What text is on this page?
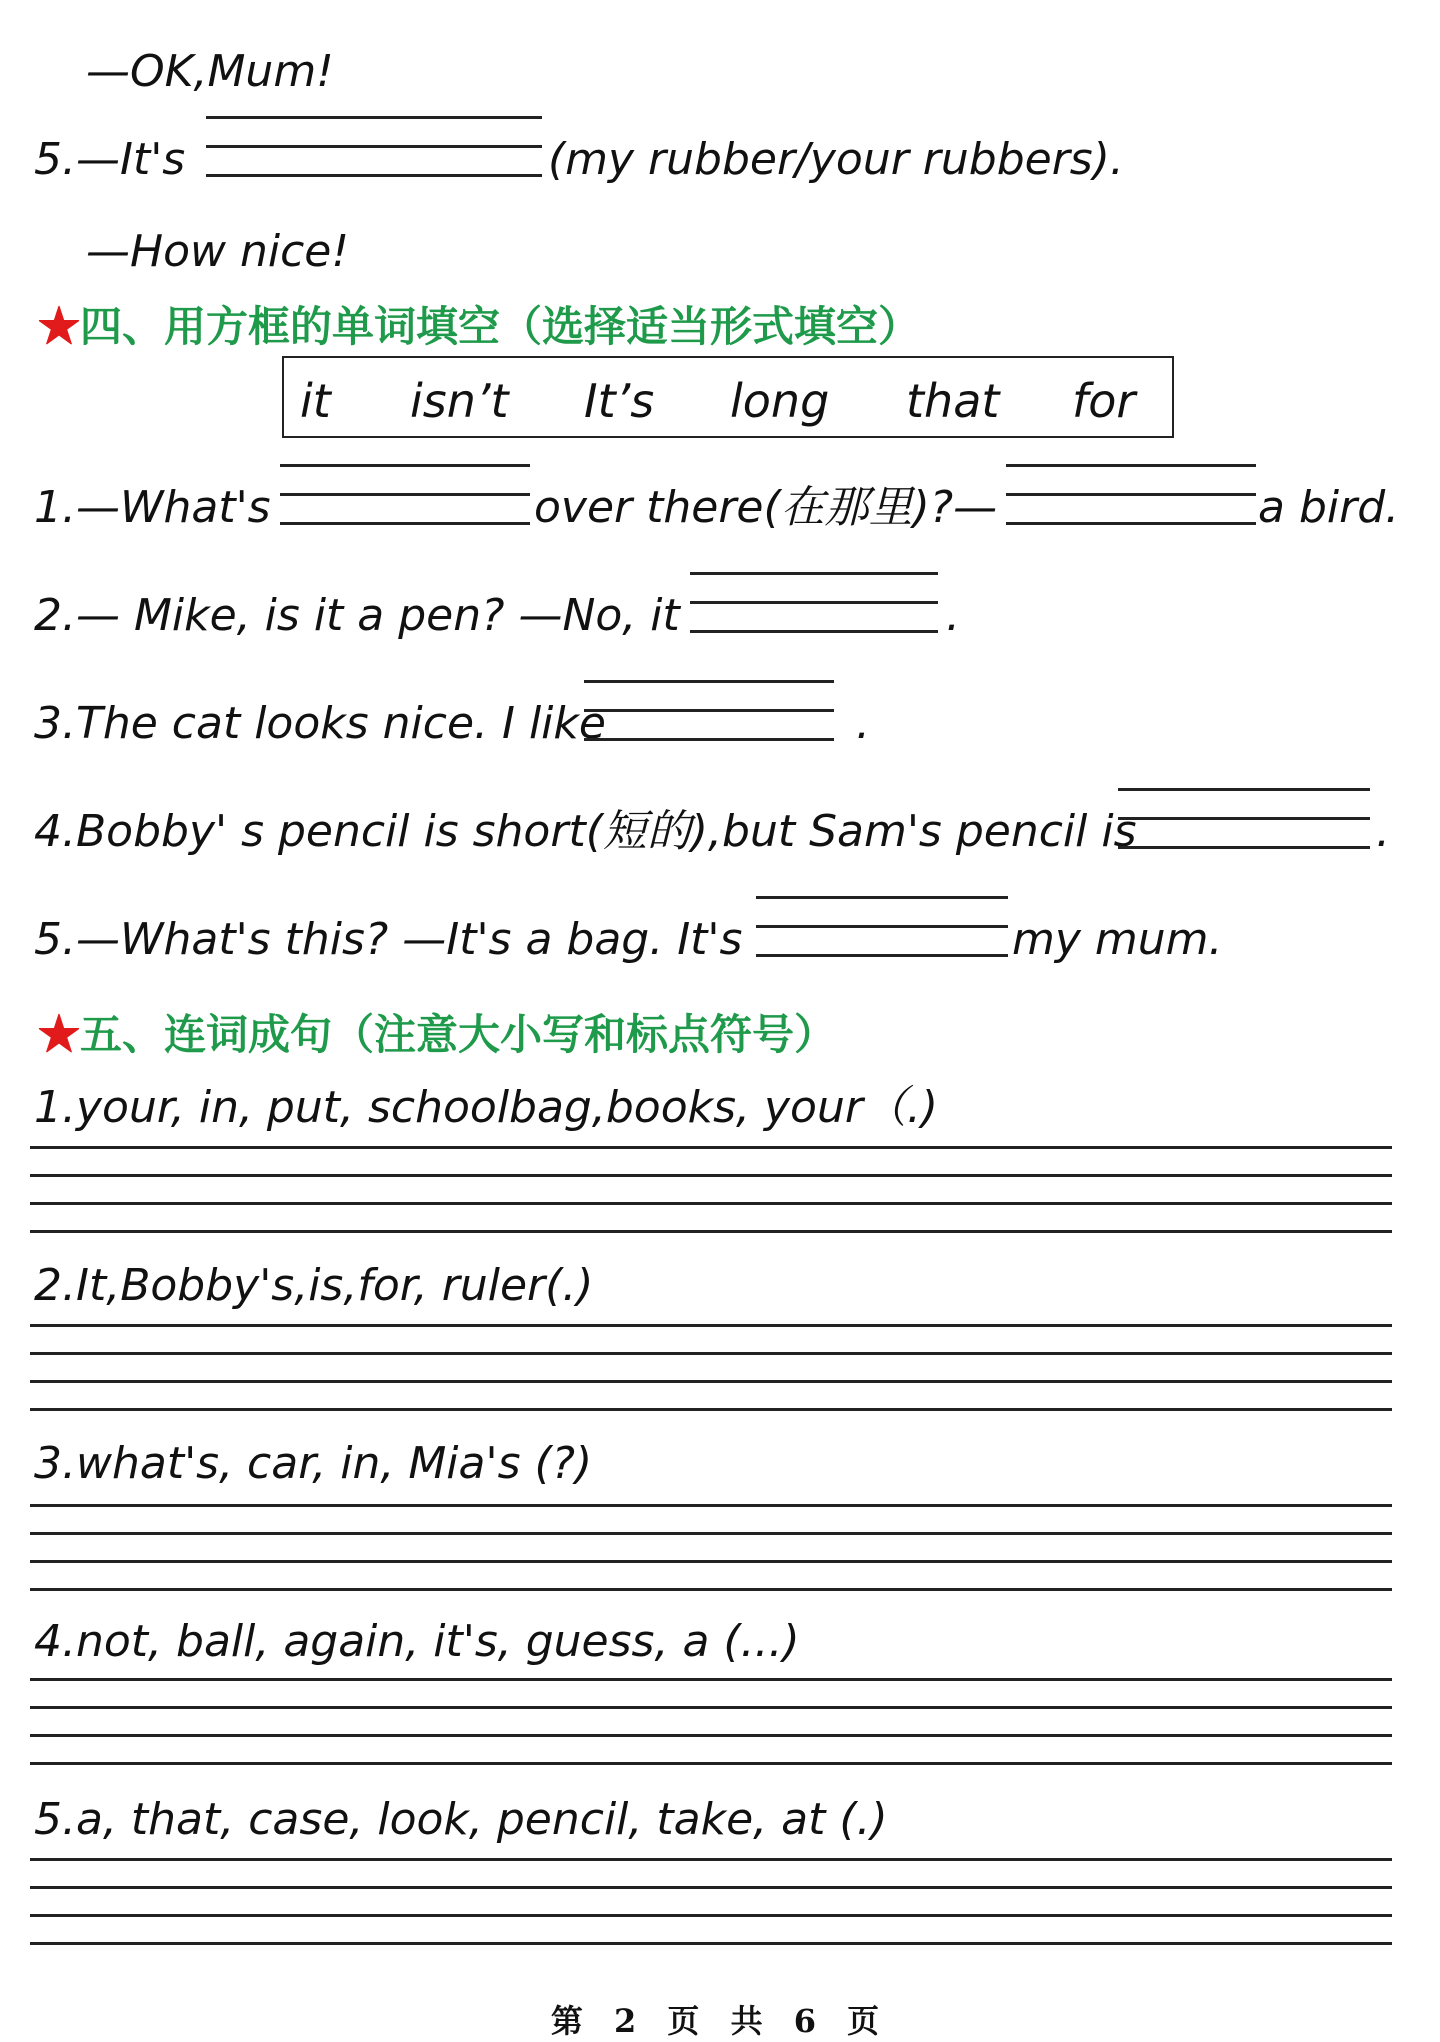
—OK,Mum!
5.—It's	(my rubber/your rubbers).
—How nice!
★四、用方框的单词填空（选择适当形式填空）
it isn’t It’s long that for
1.—What's	over there(在那里)?—	a bird.
2.— Mike, is it a pen? —No, it	.
3.The cat looks nice. I like	.
4.Bobby' s pencil is short(短的),but Sam's pencil is	.
5.—What's this? —It's a bag. It's	my mum.
★五、连词成句（注意大小写和标点符号）
1.your, in, put, schoolbag,books, your（.)
2.It,Bobby's,is,for, ruler(.)
3.what's, car, in, Mia's (?)
4.not, ball, again, it's, guess, a (...)
5.a, that, case, look, pencil, take, at (.)
第 2 页 共 6 页
